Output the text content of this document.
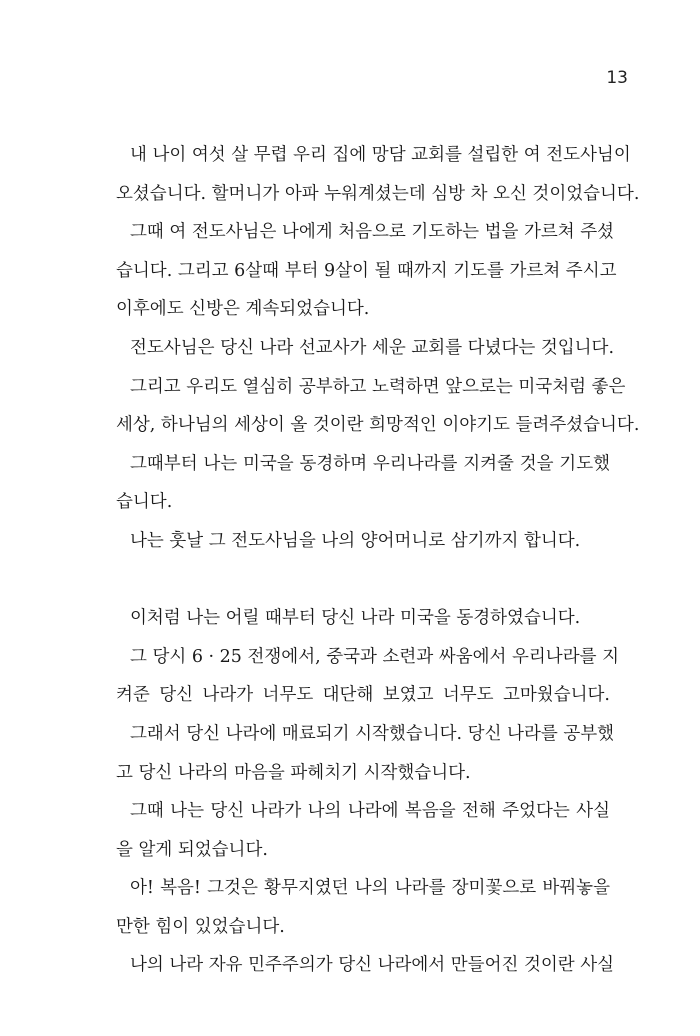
13
내 나이 여섯 살 무렵 우리 집에 망담 교회를 설립한 여 전도사님이
오셨습니다. 할머니가 아파 누워계셨는데 심방 차 오신 것이었습니다.
그때 여 전도사님은 나에게 처음으로 기도하는 법을 가르쳐 주셨
습니다. 그리고 6살때 부터 9살이 될 때까지 기도를 가르쳐 주시고
이후에도 신방은 계속되었습니다.
전도사님은 당신 나라 선교사가 세운 교회를 다녔다는 것입니다.
그리고 우리도 열심히 공부하고 노력하면 앞으로는 미국처럼 좋은
세상, 하나님의 세상이 올 것이란 희망적인 이야기도 들려주셨습니다.
그때부터 나는 미국을 동경하며 우리나라를 지켜줄 것을 기도했
습니다.
나는 훗날 그 전도사님을 나의 양어머니로 삼기까지 합니다.
이처럼 나는 어릴 때부터 당신 나라 미국을 동경하였습니다.
그 당시 6 · 25 전쟁에서, 중국과 소련과 싸움에서 우리나라를 지
켜준 당신 나라가 너무도 대단해 보였고 너무도 고마웠습니다.
그래서 당신 나라에 매료되기 시작했습니다. 당신 나라를 공부했
고 당신 나라의 마음을 파헤치기 시작했습니다.
그때 나는 당신 나라가 나의 나라에 복음을 전해 주었다는 사실
을 알게 되었습니다.
아! 복음! 그것은 황무지였던 나의 나라를 장미꽃으로 바꿔놓을
만한 힘이 있었습니다.
나의 나라 자유 민주주의가 당신 나라에서 만들어진 것이란 사실
